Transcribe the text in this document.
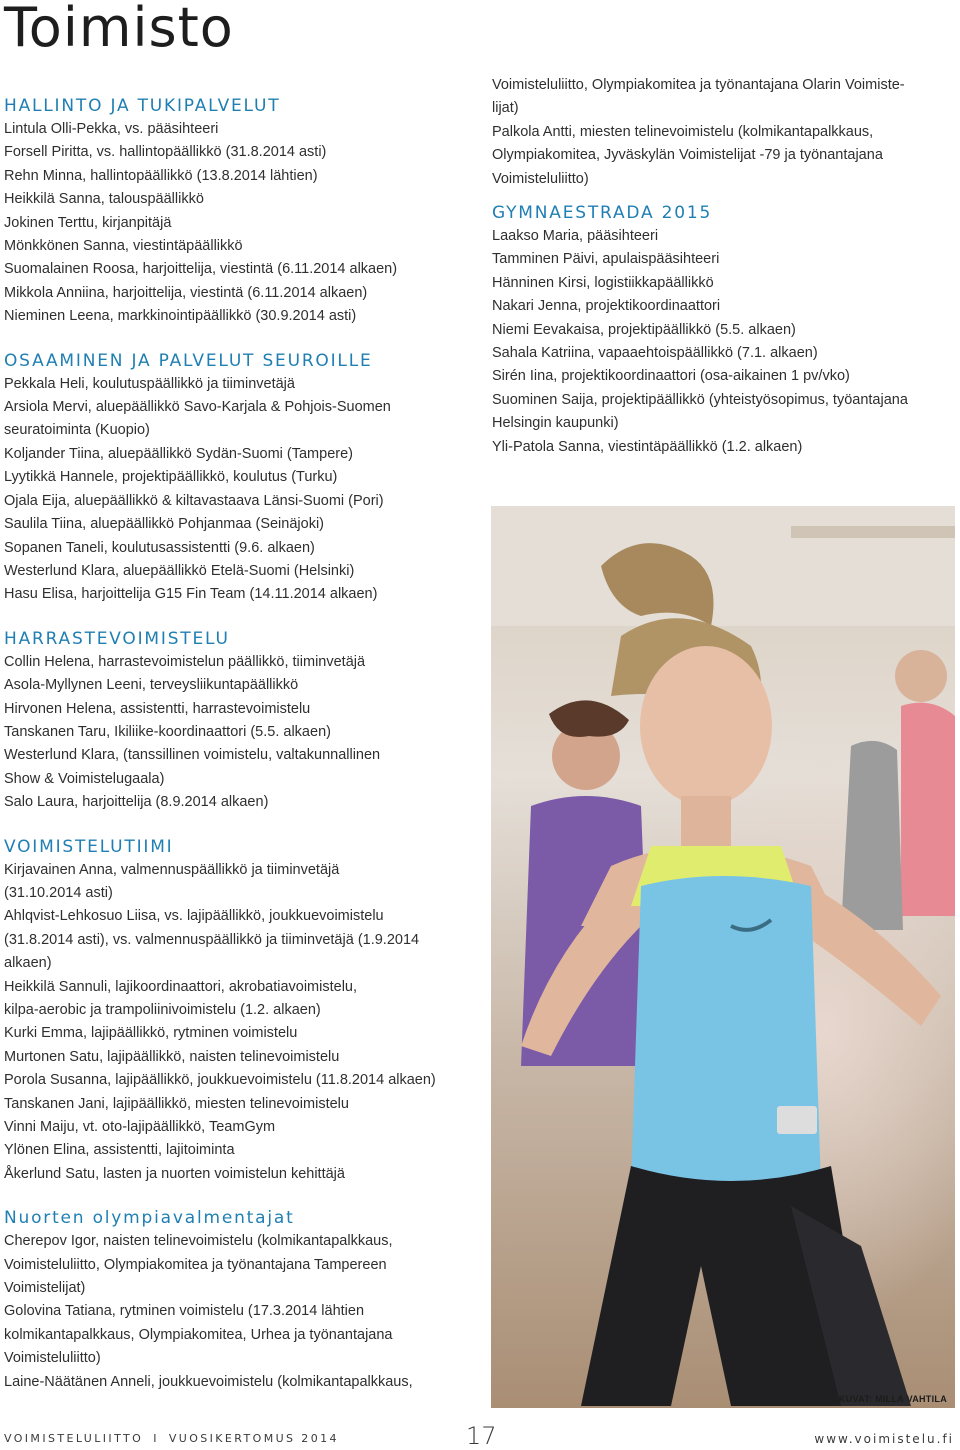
Toimisto
HALLINTO JA TUKIPALVELUT
Lintula Olli-Pekka, vs. pääsihteeri
Forsell Piritta, vs. hallintopäällikkö (31.8.2014 asti)
Rehn Minna, hallintopäällikkö (13.8.2014 lähtien)
Heikkilä Sanna, talouspäällikkö
Jokinen Terttu, kirjanpitäjä
Mönkkönen Sanna, viestintäpäällikkö
Suomalainen Roosa, harjoittelija, viestintä (6.11.2014 alkaen)
Mikkola Anniina, harjoittelija, viestintä (6.11.2014 alkaen)
Nieminen Leena, markkinointipäällikkö (30.9.2014 asti)
OSAAMINEN JA PALVELUT SEUROILLE
Pekkala Heli, koulutuspäällikkö ja tiiminvetäjä
Arsiola Mervi, aluepäällikkö Savo-Karjala & Pohjois-Suomen
seuratoiminta (Kuopio)
Koljander Tiina, aluepäällikkö Sydän-Suomi (Tampere)
Lyytikkä Hannele, projektipäällikkö, koulutus (Turku)
Ojala Eija, aluepäällikkö & kiltavastaava Länsi-Suomi (Pori)
Saulila Tiina, aluepäällikkö Pohjanmaa (Seinäjoki)
Sopanen Taneli, koulutusassistentti (9.6. alkaen)
Westerlund Klara, aluepäällikkö Etelä-Suomi (Helsinki)
Hasu Elisa, harjoittelija G15 Fin Team (14.11.2014 alkaen)
HARRASTEVOIMISTELU
Collin Helena, harrastevoimistelun päällikkö, tiiminvetäjä
Asola-Myllynen Leeni, terveysliikuntapäällikkö
Hirvonen Helena, assistentti, harrastevoimistelu
Tanskanen Taru, Ikiliike-koordinaattori (5.5. alkaen)
Westerlund Klara, (tanssillinen voimistelu, valtakunnallinen
Show & Voimistelugaala)
Salo Laura, harjoittelija (8.9.2014 alkaen)
VOIMISTELUTIIMI
Kirjavainen Anna, valmennuspäällikkö ja tiiminvetäjä
(31.10.2014 asti)
Ahlqvist-Lehkosuo Liisa, vs. lajipäällikkö, joukkuevoimistelu
(31.8.2014 asti), vs. valmennuspäällikkö ja tiiminvetäjä (1.9.2014
alkaen)
Heikkilä Sannuli, lajikoordinaattori, akrobatiavoimistelu,
kilpa-aerobic ja trampoliinivoimistelu (1.2. alkaen)
Kurki Emma, lajipäällikkö, rytminen voimistelu
Murtonen Satu, lajipäällikkö, naisten telinevoimistelu
Porola Susanna, lajipäällikkö, joukkuevoimistelu (11.8.2014 alkaen)
Tanskanen Jani, lajipäällikkö, miesten telinevoimistelu
Vinni Maiju, vt. oto-lajipäällikkö, TeamGym
Ylönen Elina, assistentti, lajitoiminta
Åkerlund Satu, lasten ja nuorten voimistelun kehittäjä
Nuorten olympiavalmentajat
Cherepov Igor, naisten telinevoimistelu (kolmikantapalkkaus,
Voimisteluliitto, Olympiakomitea ja työnantajana Tampereen
Voimistelijat)
Golovina Tatiana, rytminen voimistelu (17.3.2014 lähtien
kolmikantapalkkaus, Olympiakomitea, Urhea ja työnantajana
Voimisteluliitto)
Laine-Näätänen Anneli, joukkuevoimistelu (kolmikantapalkkaus,
Voimisteluliitto, Olympiakomitea ja työnantajana Olarin Voimiste-
lijat)
Palkola Antti, miesten telinevoimistelu (kolmikantapalkkaus,
Olympiakomitea, Jyväskylän Voimistelijat -79 ja työnantajana
Voimisteluliitto)
GYMNAESTRADA 2015
Laakso Maria, pääsihteeri
Tamminen Päivi, apulaispääsihteeri
Hänninen Kirsi, logistiikkapäällikkö
Nakari Jenna, projektikoordinaattori
Niemi Eevakaisa, projektipäällikkö (5.5. alkaen)
Sahala Katriina, vapaaehtoispäällikkö (7.1. alkaen)
Sirén Iina, projektikoordinaattori (osa-aikainen 1 pv/vko)
Suominen Saija, projektipäällikkö (yhteistyösopimus, työantajana
Helsingin kaupunki)
Yli-Patola Sanna, viestintäpäällikkö (1.2. alkaen)
KUVAT: MILLA VAHTILA
VOIMISTELULIITTO I VUOSIKERTOMUS 2014	17	www.voimistelu.fi
